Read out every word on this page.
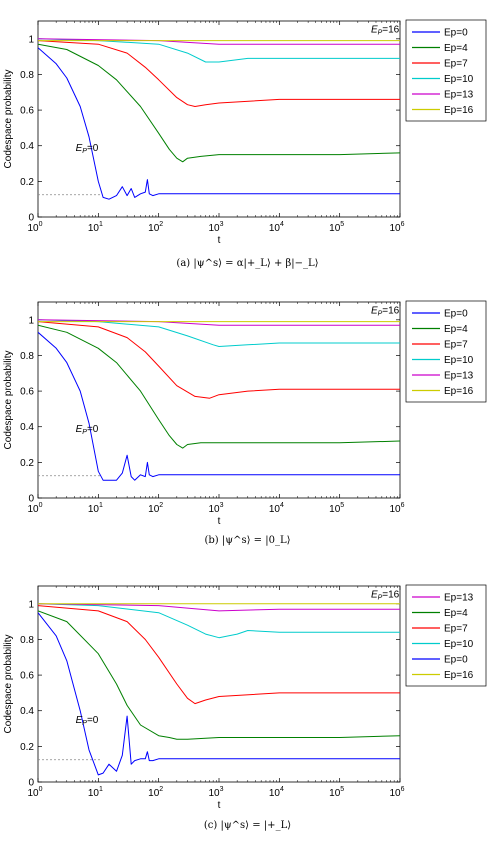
$10^0$	$10^1$	$10^2$	$10^3$	$10^4$	$10^5$	$10^6$
0
0.2
0.4
0.6
0.8
1
t
Codespace probability
$E_P=16$
$E_P=0$
Ep=0
Ep=4
Ep=7
Ep=10
Ep=13
Ep=16
$10^0$	$10^1$	$10^2$	$10^3$	$10^4$	$10^5$	$10^6$
0
0.2
0.4
0.6
0.8
1
t
Codespace probability
$E_P=16$
$E_P=0$
Ep=0
Ep=4
Ep=7
Ep=10
Ep=13
Ep=16
$10^0$	$10^1$	$10^2$	$10^3$	$10^4$	$10^5$	$10^6$
0
0.2
0.4
0.6
0.8
1
t
Codespace probability
$E_P=16$
$E_P=0$
Ep=13
Ep=4
Ep=7
Ep=10
Ep=0
Ep=16
(a) |ψ^s⟩ = α|+_L⟩ + β|−_L⟩
(b) |ψ^s⟩ = |0_L⟩
(c) |ψ^s⟩ = |+_L⟩
